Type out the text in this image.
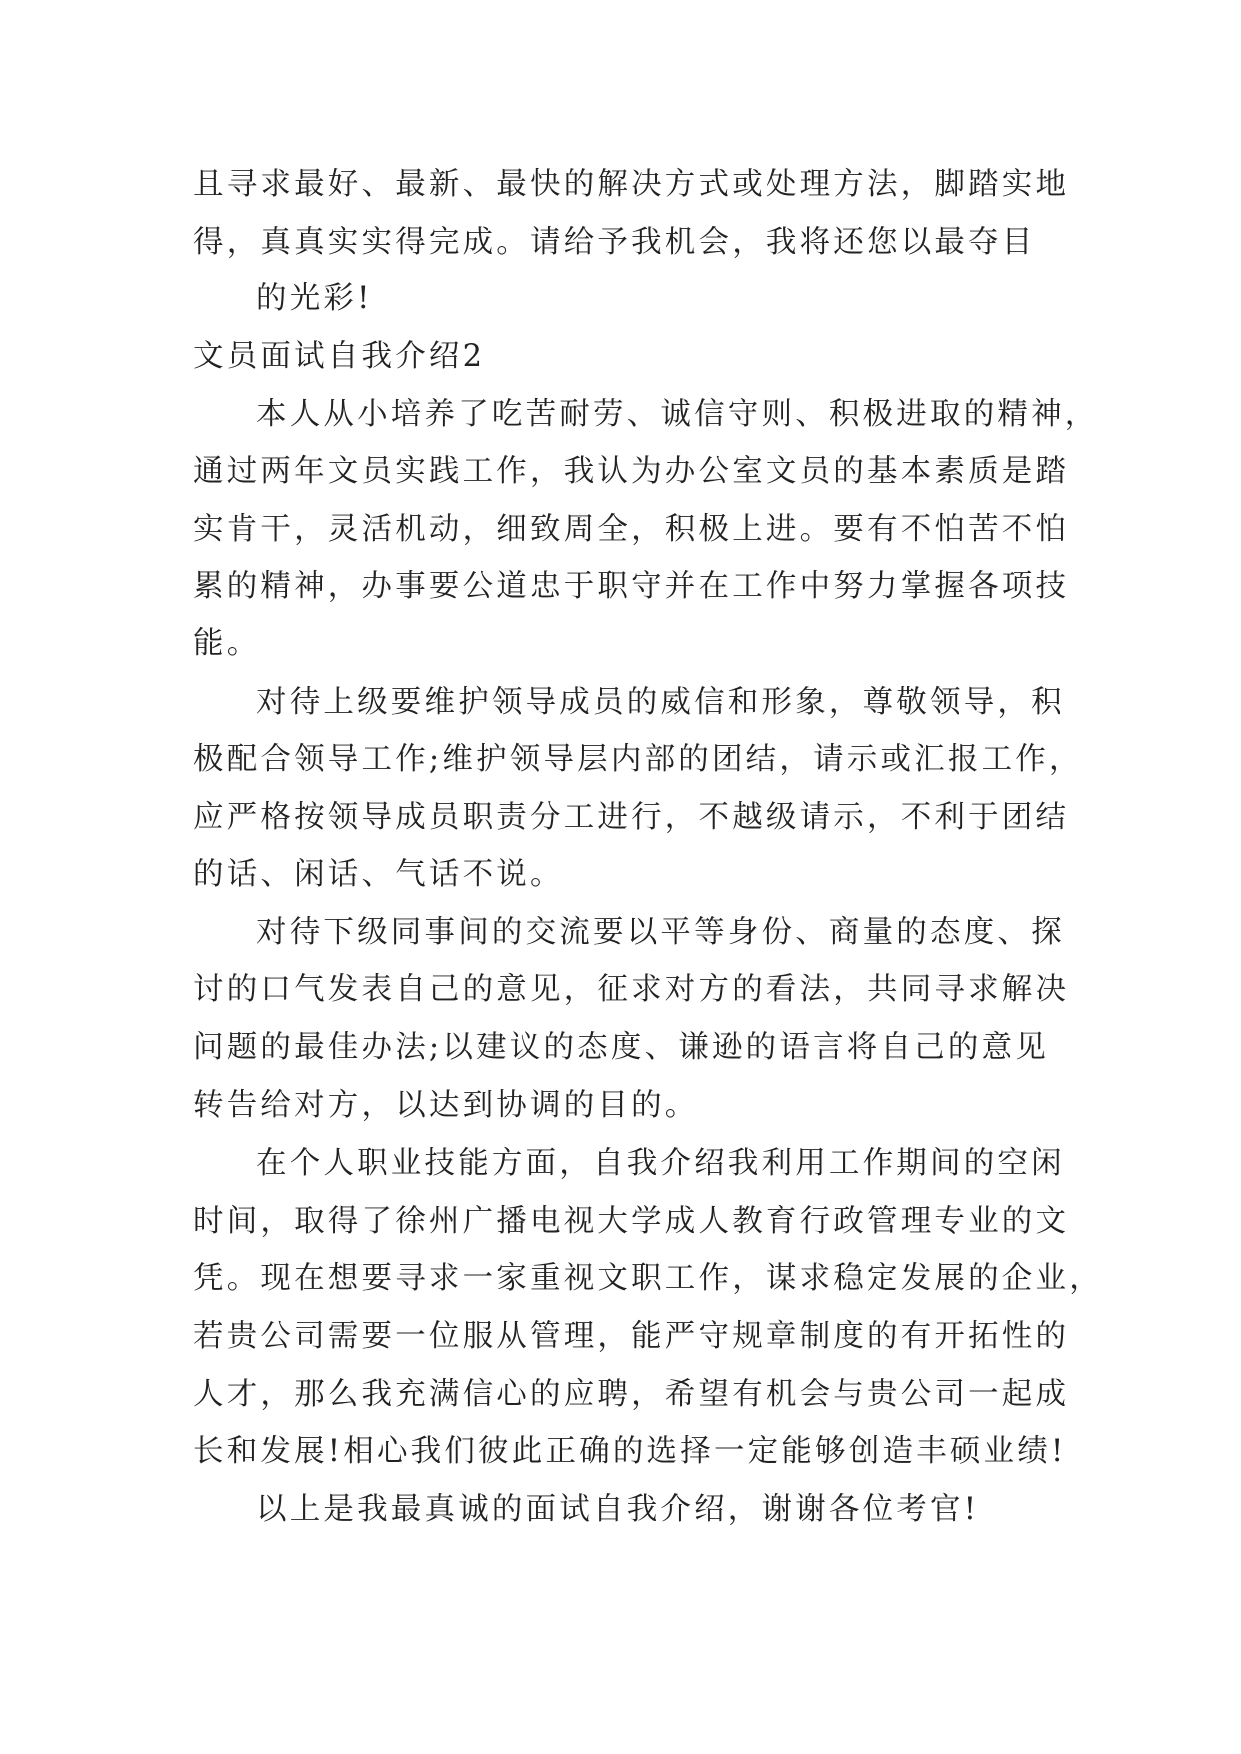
且寻求最好、最新、最快的解决方式或处理方法，脚踏实地
得，真真实实得完成。请给予我机会，我将还您以最夺目
的光彩!
文员面试自我介绍2
本人从小培养了吃苦耐劳、诚信守则、积极进取的精神，
通过两年文员实践工作，我认为办公室文员的基本素质是踏
实肯干，灵活机动，细致周全，积极上进。要有不怕苦不怕
累的精神，办事要公道忠于职守并在工作中努力掌握各项技
能。
对待上级要维护领导成员的威信和形象，尊敬领导，积
极配合领导工作;维护领导层内部的团结，请示或汇报工作，
应严格按领导成员职责分工进行，不越级请示，不利于团结
的话、闲话、气话不说。
对待下级同事间的交流要以平等身份、商量的态度、探
讨的口气发表自己的意见，征求对方的看法，共同寻求解决
问题的最佳办法;以建议的态度、谦逊的语言将自己的意见
转告给对方，以达到协调的目的。
在个人职业技能方面，自我介绍我利用工作期间的空闲
时间，取得了徐州广播电视大学成人教育行政管理专业的文
凭。现在想要寻求一家重视文职工作，谋求稳定发展的企业，
若贵公司需要一位服从管理，能严守规章制度的有开拓性的
人才，那么我充满信心的应聘，希望有机会与贵公司一起成
长和发展!相心我们彼此正确的选择一定能够创造丰硕业绩!
以上是我最真诚的面试自我介绍，谢谢各位考官!
